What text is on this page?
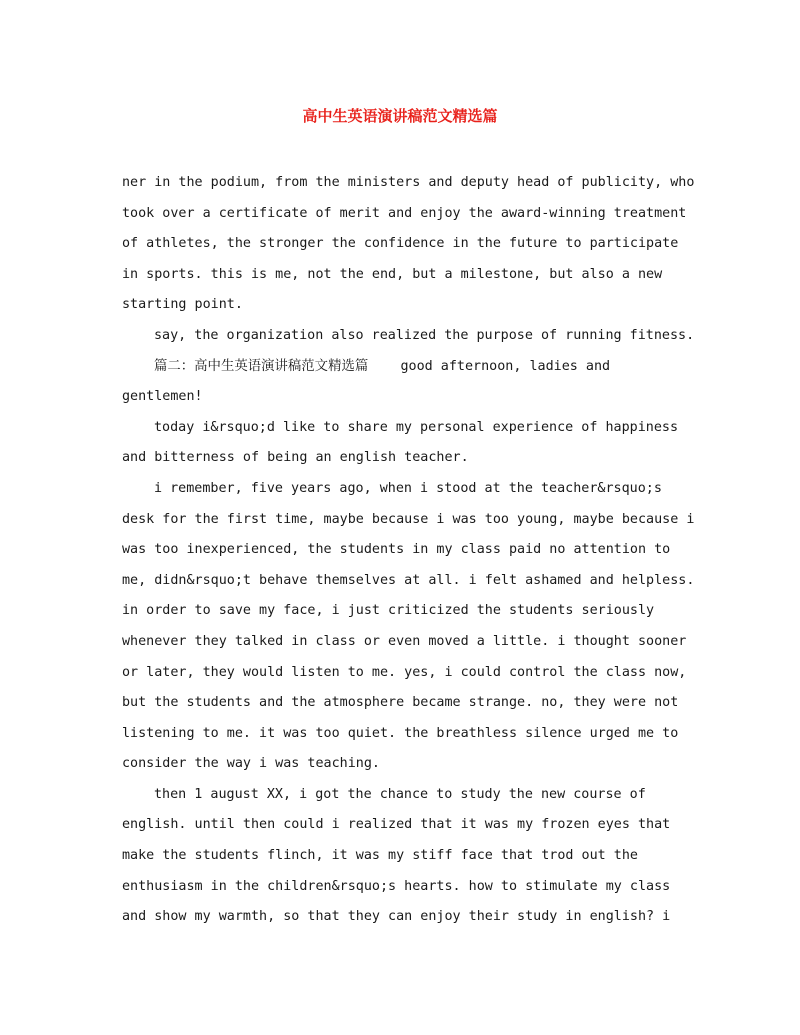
高中生英语演讲稿范文精选篇
ner in the podium, from the ministers and deputy head of publicity, who
took over a certificate of merit and enjoy the award-winning treatment
of athletes, the stronger the confidence in the future to participate
in sports. this is me, not the end, but a milestone, but also a new
starting point.
say, the organization also realized the purpose of running fitness.
篇二：高中生英语演讲稿范文精选篇    good afternoon, ladies and
gentlemen!
today i&rsquo;d like to share my personal experience of happiness
and bitterness of being an english teacher.
i remember, five years ago, when i stood at the teacher&rsquo;s
desk for the first time, maybe because i was too young, maybe because i
was too inexperienced, the students in my class paid no attention to
me, didn&rsquo;t behave themselves at all. i felt ashamed and helpless.
in order to save my face, i just criticized the students seriously
whenever they talked in class or even moved a little. i thought sooner
or later, they would listen to me. yes, i could control the class now,
but the students and the atmosphere became strange. no, they were not
listening to me. it was too quiet. the breathless silence urged me to
consider the way i was teaching.
then 1 august XX, i got the chance to study the new course of
english. until then could i realized that it was my frozen eyes that
make the students flinch, it was my stiff face that trod out the
enthusiasm in the children&rsquo;s hearts. how to stimulate my class
and show my warmth, so that they can enjoy their study in english? i
